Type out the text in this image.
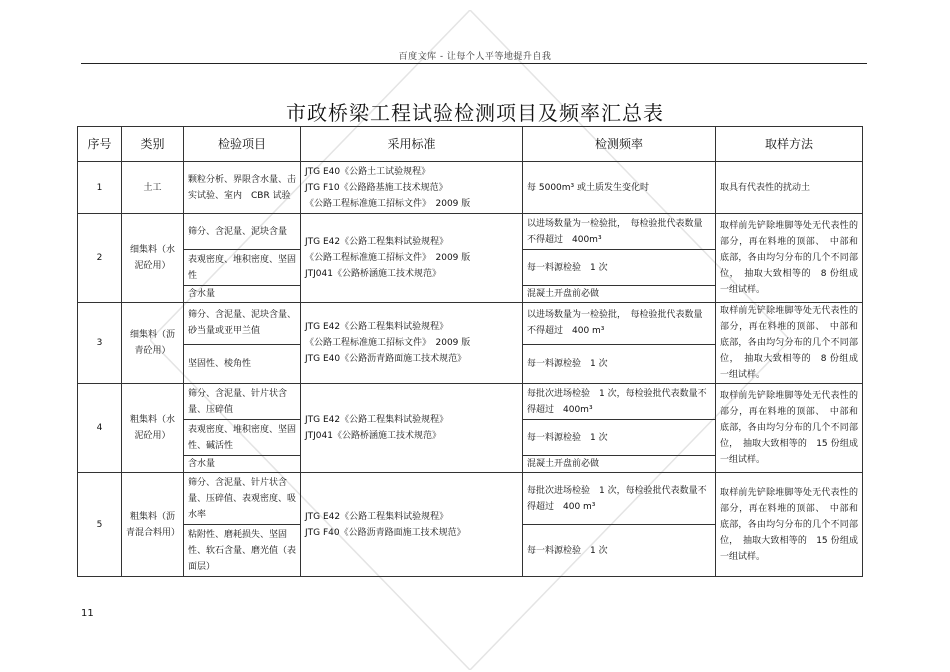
百度文库 - 让每个人平等地提升自我
市政桥梁工程试验检测项目及频率汇总表
序号	类别	检验项目	采用标准	检测频率	取样方法
1	土工	颗粒分析、界限含水量、击实试验、室内　CBR 试验	JTG E40《公路土工试验规程》
JTG F10《公路路基施工技术规范》
《公路工程标准施工招标文件》　2009 版	每 5000m³ 或土质发生变化时	取具有代表性的扰动土
2	细集料（水泥砼用）	筛分、含泥量、泥块含量	JTG E42《公路工程集料试验规程》
《公路工程标准施工招标文件》　2009 版
JTJ041《公路桥涵施工技术规范》	以进场数量为一检验批，　每检验批代表数量不得超过　400m³	取样前先铲除堆脚等处无代表性的部分，再在料堆的顶部、　中部和底部，各由均匀分布的几个不同部位，　抽取大致相等的　8 份组成一组试样。
		表观密度、堆积密度、坚固性		每一料源检验　1 次	
		含水量		混凝土开盘前必做	
3	细集料（沥青砼用）	筛分、含泥量、泥块含量、砂当量或亚甲兰值	JTG E42《公路工程集料试验规程》
《公路工程标准施工招标文件》　2009 版
JTG E40《公路沥青路面施工技术规范》	以进场数量为一检验批，　每检验批代表数量不得超过　400 m³	取样前先铲除堆脚等处无代表性的部分，再在料堆的顶部、　中部和底部，各由均匀分布的几个不同部位，　抽取大致相等的　8 份组成一组试样。
		坚固性、棱角性		每一料源检验　1 次	
4	粗集料（水泥砼用）	筛分、含泥量、针片状含量、压碎值	JTG E42《公路工程集料试验规程》
JTJ041《公路桥涵施工技术规范》	每批次进场检验　1 次，每检验批代表数量不得超过　400m³	取样前先铲除堆脚等处无代表性的部分，再在料堆的顶部、　中部和底部，各由均匀分布的几个不同部位，　抽取大致相等的　15 份组成一组试样。
		表观密度、堆积密度、坚固性、碱活性		每一料源检验　1 次	
		含水量		混凝土开盘前必做	
5	粗集料（沥青混合料用）	筛分、含泥量、针片状含量、压碎值、表观密度、吸水率	JTG E42《公路工程集料试验规程》
JTG F40《公路沥青路面施工技术规范》	每批次进场检验　1 次，每检验批代表数量不得超过　400 m³	取样前先铲除堆脚等处无代表性的部分，再在料堆的顶部、　中部和底部，各由均匀分布的几个不同部位，　抽取大致相等的　15 份组成一组试样。
		粘附性、磨耗损失、坚固性、软石含量、磨光值（表面层）		每一料源检验　1 次	
11
